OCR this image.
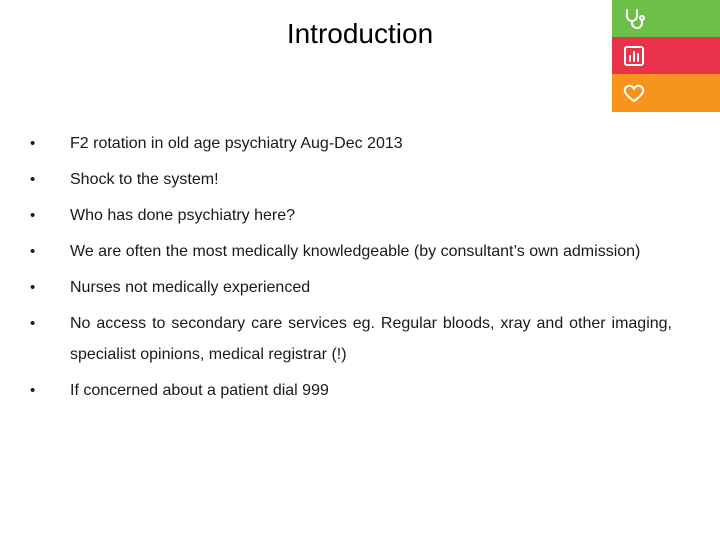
Introduction
•	F2 rotation in old age psychiatry Aug-Dec 2013
•	Shock to the system!
•	Who has done psychiatry here?
•	We are often the most medically knowledgeable (by consultant’s own admission)
•	Nurses not medically experienced
•	No access to secondary care services eg. Regular bloods, xray and other imaging, specialist opinions, medical registrar (!)
•	If concerned about a patient dial 999
